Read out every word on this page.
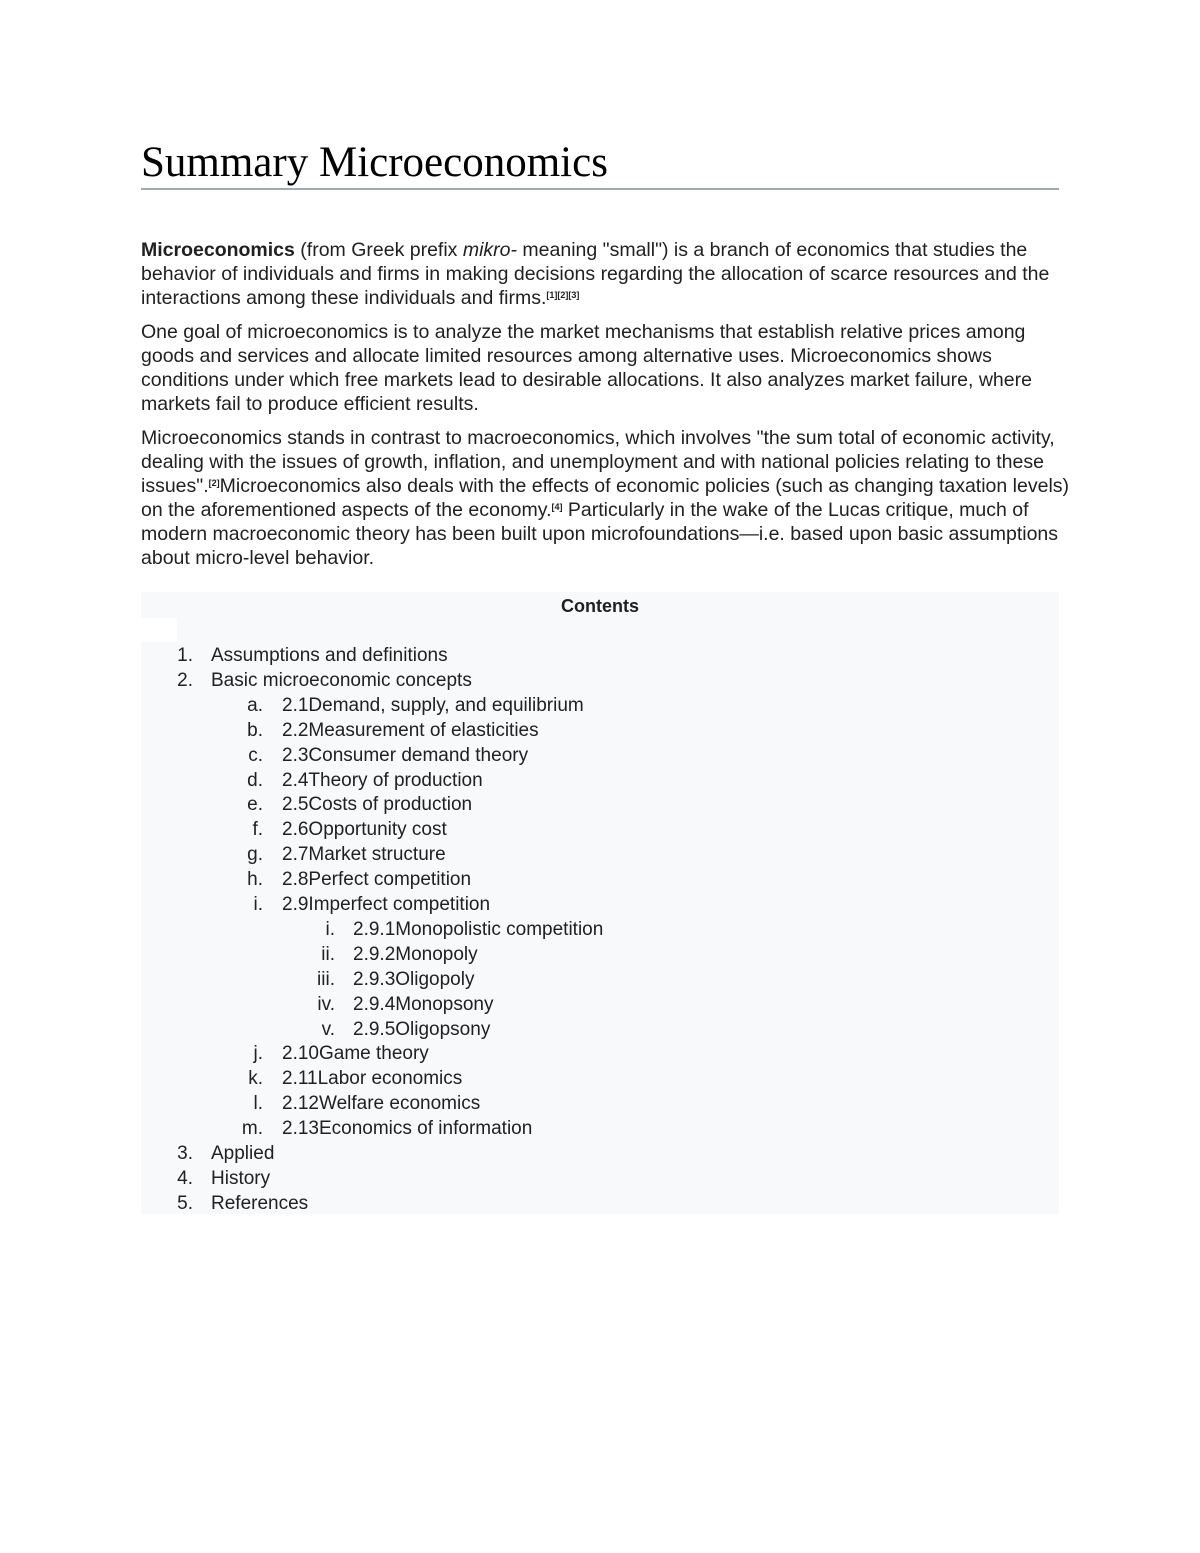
Summary Microeconomics

Microeconomics (from Greek prefix mikro- meaning "small") is a branch of economics that studies the behavior of individuals and firms in making decisions regarding the allocation of scarce resources and the interactions among these individuals and firms.[1][2][3]

One goal of microeconomics is to analyze the market mechanisms that establish relative prices among goods and services and allocate limited resources among alternative uses. Microeconomics shows conditions under which free markets lead to desirable allocations. It also analyzes market failure, where markets fail to produce efficient results.

Microeconomics stands in contrast to macroeconomics, which involves "the sum total of economic activity, dealing with the issues of growth, inflation, and unemployment and with national policies relating to these issues".[2]Microeconomics also deals with the effects of economic policies (such as changing taxation levels) on the aforementioned aspects of the economy.[4] Particularly in the wake of the Lucas critique, much of modern macroeconomic theory has been built upon microfoundations—i.e. based upon basic assumptions about micro-level behavior.

Contents
1. Assumptions and definitions
2. Basic microeconomic concepts
a. 2.1Demand, supply, and equilibrium
b. 2.2Measurement of elasticities
c. 2.3Consumer demand theory
d. 2.4Theory of production
e. 2.5Costs of production
f. 2.6Opportunity cost
g. 2.7Market structure
h. 2.8Perfect competition
i. 2.9Imperfect competition
i. 2.9.1Monopolistic competition
ii. 2.9.2Monopoly
iii. 2.9.3Oligopoly
iv. 2.9.4Monopsony
v. 2.9.5Oligopsony
j. 2.10Game theory
k. 2.11Labor economics
l. 2.12Welfare economics
m. 2.13Economics of information
3. Applied
4. History
5. References
